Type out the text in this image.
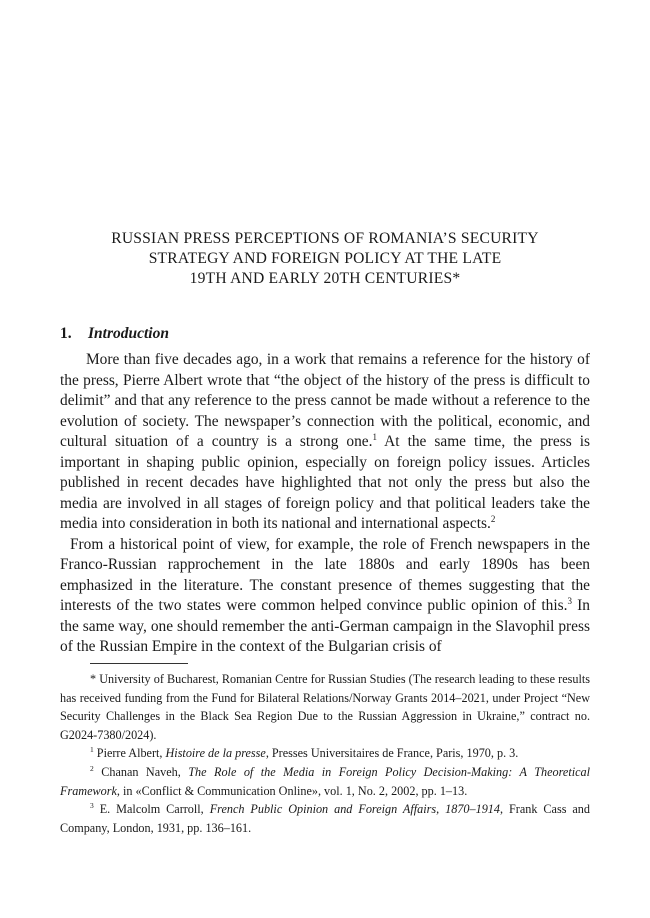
RUSSIAN PRESS PERCEPTIONS OF ROMANIA’S SECURITY
STRATEGY AND FOREIGN POLICY AT THE LATE
19TH AND EARLY 20TH CENTURIES*
1. Introduction

More than five decades ago, in a work that remains a reference for the history of the press, Pierre Albert wrote that “the object of the history of the press is difficult to delimit” and that any reference to the press cannot be made without a reference to the evolution of society. The newspaper’s connection with the political, economic, and cultural situation of a country is a strong one.$^1$ At the same time, the press is important in shaping public opinion, especially on foreign policy issues. Articles published in recent decades have highlighted that not only the press but also the media are involved in all stages of foreign policy and that political leaders take the media into consideration in both its national and international aspects.$^2$

From a historical point of view, for example, the role of French newspapers in the Franco-Russian rapprochement in the late 1880s and early 1890s has been emphasized in the literature. The constant presence of themes suggesting that the interests of the two states were common helped convince public opinion of this.$^3$ In the same way, one should remember the anti-German campaign in the Slavophil press of the Russian Empire in the context of the Bulgarian crisis of

* University of Bucharest, Romanian Centre for Russian Studies (The research leading to these results has received funding from the Fund for Bilateral Relations/Norway Grants 2014–2021, under Project “New Security Challenges in the Black Sea Region Due to the Russian Aggression in Ukraine,” contract no. G2024-7380/2024).

$^1$ Pierre Albert, Histoire de la presse, Presses Universitaires de France, Paris, 1970, p. 3.

$^2$ Chanan Naveh, The Role of the Media in Foreign Policy Decision-Making: A Theoretical Framework, in «Conflict & Communication Online», vol. 1, No. 2, 2002, pp. 1–13.

$^3$ E. Malcolm Carroll, French Public Opinion and Foreign Affairs, 1870–1914, Frank Cass and Company, London, 1931, pp. 136–161.
